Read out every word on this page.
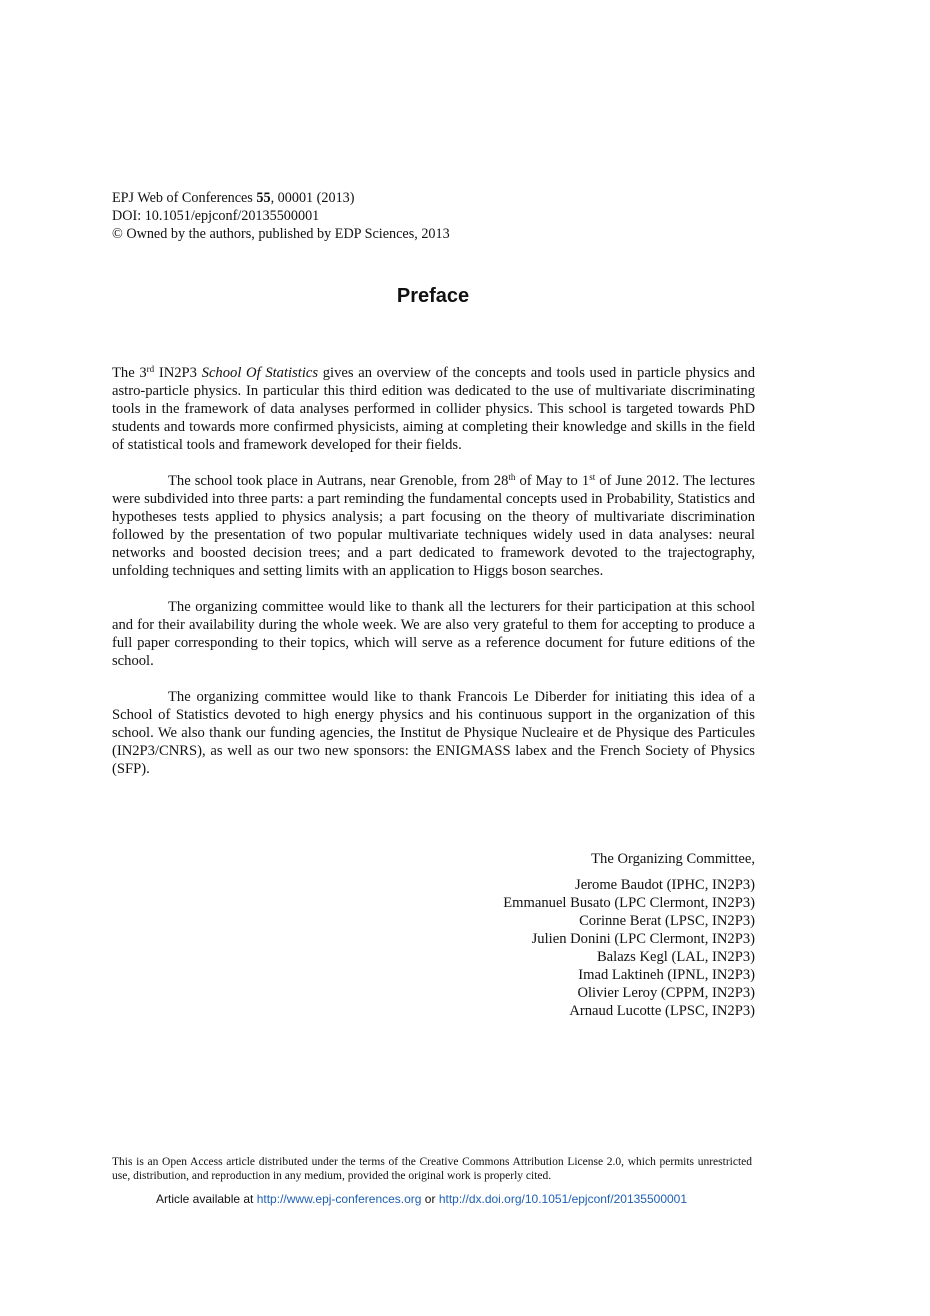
EPJ Web of Conferences 55, 00001 (2013)
DOI: 10.1051/epjconf/20135500001
© Owned by the authors, published by EDP Sciences, 2013
Preface

The 3rd IN2P3 School Of Statistics gives an overview of the concepts and tools used in particle physics and astro-particle physics. In particular this third edition was dedicated to the use of multivariate discriminating tools in the framework of data analyses performed in collider physics. This school is targeted towards PhD students and towards more confirmed physicists, aiming at completing their knowledge and skills in the field of statistical tools and framework developed for their fields.

The school took place in Autrans, near Grenoble, from 28th of May to 1st of June 2012. The lectures were subdivided into three parts: a part reminding the fundamental concepts used in Probability, Statistics and hypotheses tests applied to physics analysis; a part focusing on the theory of multivariate discrimination followed by the presentation of two popular multivariate techniques widely used in data analyses: neural networks and boosted decision trees; and a part dedicated to framework devoted to the trajectography, unfolding techniques and setting limits with an application to Higgs boson searches.

The organizing committee would like to thank all the lecturers for their participation at this school and for their availability during the whole week. We are also very grateful to them for accepting to produce a full paper corresponding to their topics, which will serve as a reference document for future editions of the school.

The organizing committee would like to thank Francois Le Diberder for initiating this idea of a School of Statistics devoted to high energy physics and his continuous support in the organization of this school. We also thank our funding agencies, the Institut de Physique Nucleaire et de Physique des Particules (IN2P3/CNRS), as well as our two new sponsors: the ENIGMASS labex and the French Society of Physics (SFP).

The Organizing Committee,
Jerome Baudot (IPHC, IN2P3)
Emmanuel Busato (LPC Clermont, IN2P3)
Corinne Berat (LPSC, IN2P3)
Julien Donini (LPC Clermont, IN2P3)
Balazs Kegl (LAL, IN2P3)
Imad Laktineh (IPNL, IN2P3)
Olivier Leroy (CPPM, IN2P3)
Arnaud Lucotte (LPSC, IN2P3)
This is an Open Access article distributed under the terms of the Creative Commons Attribution License 2.0, which permits unrestricted use, distribution, and reproduction in any medium, provided the original work is properly cited.
Article available at http://www.epj-conferences.org or http://dx.doi.org/10.1051/epjconf/20135500001
